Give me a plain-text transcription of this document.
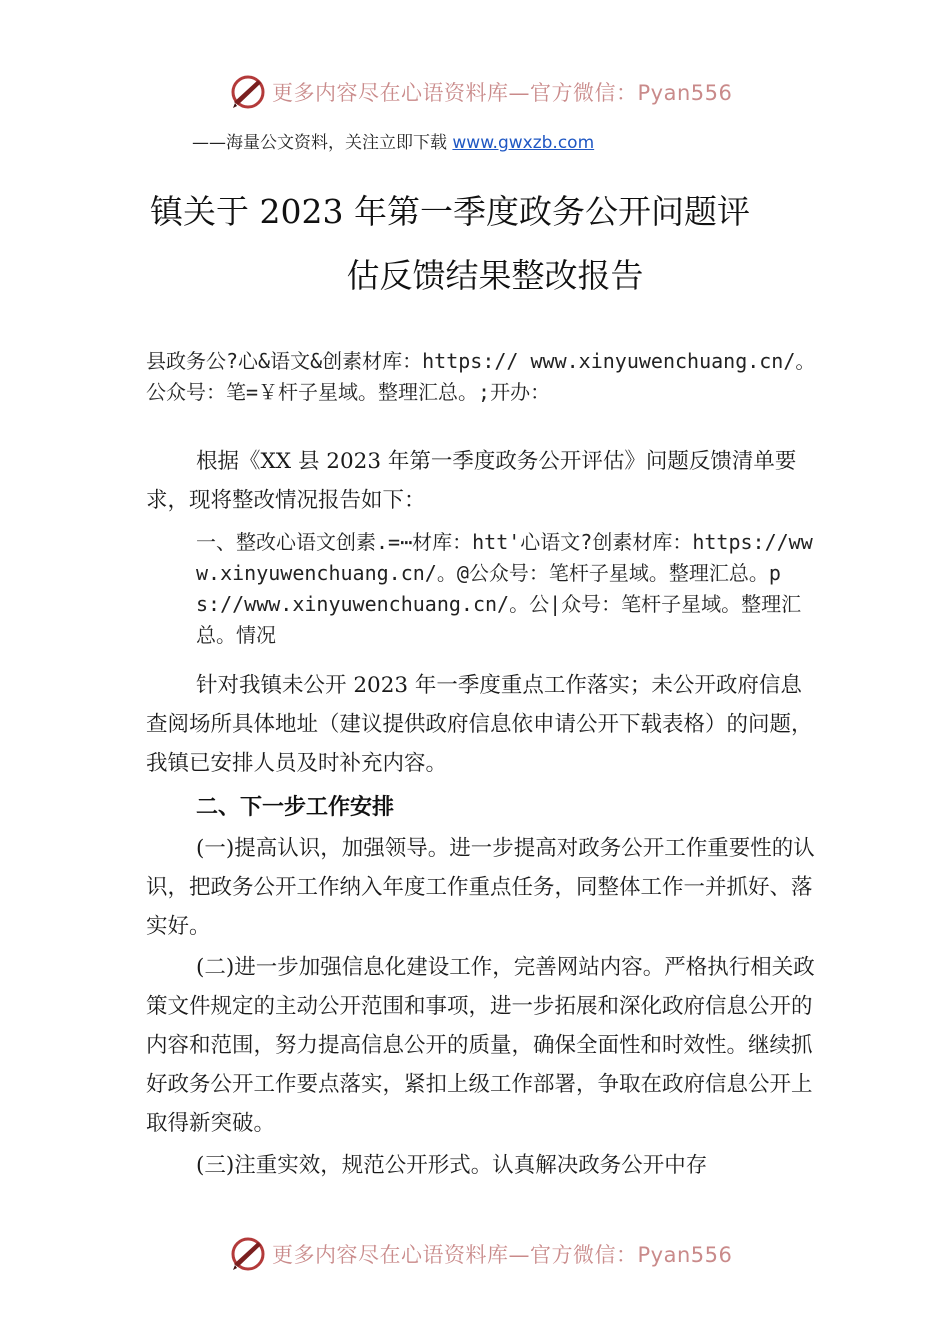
更多内容尽在心语资料库—官方微信：Pyan556
——海量公文资料，关注立即下载 www.gwxzb.com
镇关于 2023 年第一季度政务公开问题评
估反馈结果整改报告

县政务公?心&语文&创素材库：https:// www.xinyuwenchuang.cn/。公众号：笔=￥杆子星域。整理汇总。;开办：

根据《XX 县 2023 年第一季度政务公开评估》问题反馈清单要求，现将整改情况报告如下：

一、整改心语文创素.=⋯材库：htt'心语文?创素材库：https://www.xinyuwenchuang.cn/。@公众号：笔杆子星域。整理汇总。ps://www.xinyuwenchuang.cn/。公|众号：笔杆子星域。整理汇总。情况

针对我镇未公开 2023 年一季度重点工作落实；未公开政府信息查阅场所具体地址（建议提供政府信息依申请公开下载表格）的问题，我镇已安排人员及时补充内容。

二、下一步工作安排

(一)提高认识，加强领导。进一步提高对政务公开工作重要性的认识，把政务公开工作纳入年度工作重点任务，同整体工作一并抓好、落实好。

(二)进一步加强信息化建设工作，完善网站内容。严格执行相关政策文件规定的主动公开范围和事项，进一步拓展和深化政府信息公开的内容和范围，努力提高信息公开的质量，确保全面性和时效性。继续抓好政务公开工作要点落实，紧扣上级工作部署，争取在政府信息公开上取得新突破。

(三)注重实效，规范公开形式。认真解决政务公开中存

更多内容尽在心语资料库—官方微信：Pyan556
